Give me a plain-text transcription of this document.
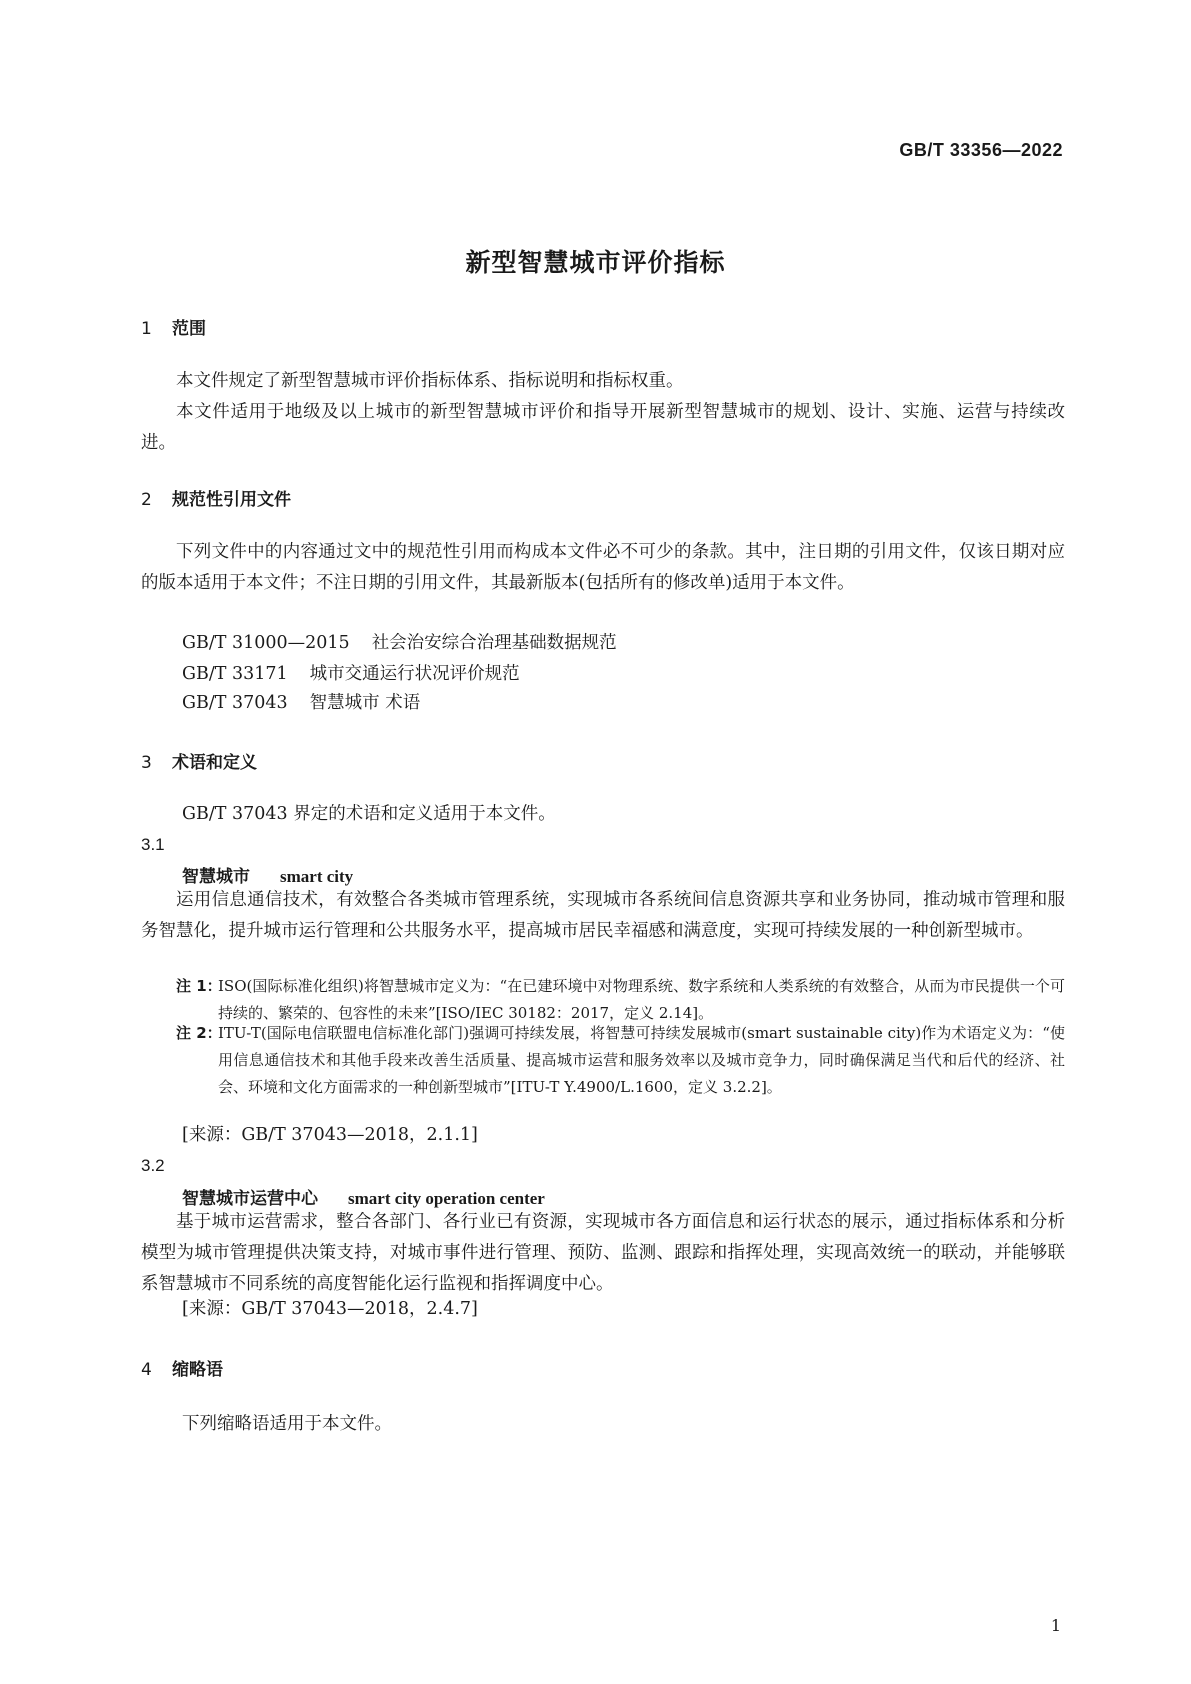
GB/T 33356—2022
新型智慧城市评价指标
1 范围

本文件规定了新型智慧城市评价指标体系、指标说明和指标权重。

本文件适用于地级及以上城市的新型智慧城市评价和指导开展新型智慧城市的规划、设计、实施、运营与持续改进。

2 规范性引用文件

下列文件中的内容通过文中的规范性引用而构成本文件必不可少的条款。其中，注日期的引用文件，仅该日期对应的版本适用于本文件；不注日期的引用文件，其最新版本(包括所有的修改单)适用于本文件。

GB/T 31000—2015 社会治安综合治理基础数据规范
GB/T 33171 城市交通运行状况评价规范
GB/T 37043 智慧城市 术语
3 术语和定义
GB/T 37043 界定的术语和定义适用于本文件。
3.1
智慧城市 smart city

运用信息通信技术，有效整合各类城市管理系统，实现城市各系统间信息资源共享和业务协同，推动城市管理和服务智慧化，提升城市运行管理和公共服务水平，提高城市居民幸福感和满意度，实现可持续发展的一种创新型城市。

注 1：
ISO(国际标准化组织)将智慧城市定义为：“在已建环境中对物理系统、数字系统和人类系统的有效整合，从而为市民提供一个可持续的、繁荣的、包容性的未来”[ISO/IEC 30182：2017，定义 2.14]。
注 2：
ITU-T(国际电信联盟电信标准化部门)强调可持续发展，将智慧可持续发展城市(smart sustainable city)作为术语定义为：“使用信息通信技术和其他手段来改善生活质量、提高城市运营和服务效率以及城市竞争力，同时确保满足当代和后代的经济、社会、环境和文化方面需求的一种创新型城市”[ITU-T Y.4900/L.1600，定义 3.2.2]。
[来源：GB/T 37043—2018，2.1.1]
3.2
智慧城市运营中心 smart city operation center

基于城市运营需求，整合各部门、各行业已有资源，实现城市各方面信息和运行状态的展示，通过指标体系和分析模型为城市管理提供决策支持，对城市事件进行管理、预防、监测、跟踪和指挥处理，实现高效统一的联动，并能够联系智慧城市不同系统的高度智能化运行监视和指挥调度中心。

[来源：GB/T 37043—2018，2.4.7]
4 缩略语
下列缩略语适用于本文件。
1
